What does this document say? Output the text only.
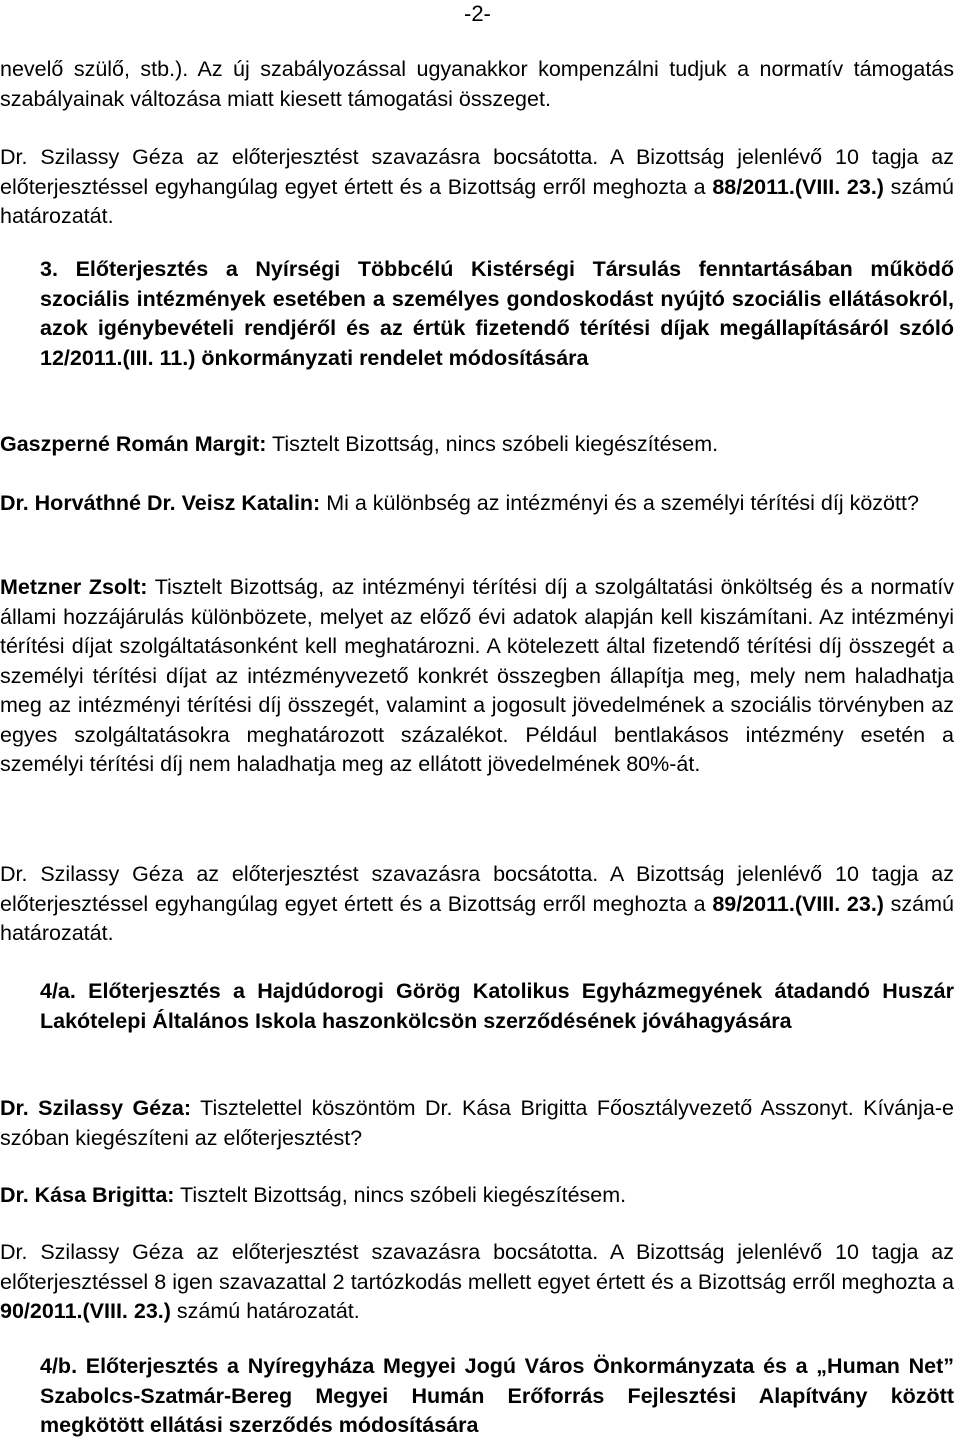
-2-
nevelő szülő, stb.). Az új szabályozással ugyanakkor kompenzálni tudjuk a normatív támogatás szabályainak változása miatt kiesett támogatási összeget.
Dr. Szilassy Géza az előterjesztést szavazásra bocsátotta. A Bizottság jelenlévő 10 tagja az előterjesztéssel egyhangúlag egyet értett és a Bizottság erről meghozta a 88/2011.(VIII. 23.) számú határozatát.
3. Előterjesztés a Nyírségi Többcélú Kistérségi Társulás fenntartásában működő szociális intézmények esetében a személyes gondoskodást nyújtó szociális ellátásokról, azok igénybevételi rendjéről és az értük fizetendő térítési díjak megállapításáról szóló 12/2011.(III. 11.) önkormányzati rendelet módosítására
Gaszperné Román Margit: Tisztelt Bizottság, nincs szóbeli kiegészítésem.
Dr. Horváthné Dr. Veisz Katalin: Mi a különbség az intézményi és a személyi térítési díj között?
Metzner Zsolt: Tisztelt Bizottság, az intézményi térítési díj a szolgáltatási önköltség és a normatív állami hozzájárulás különbözete, melyet az előző évi adatok alapján kell kiszámítani. Az intézményi térítési díjat szolgáltatásonként kell meghatározni. A kötelezett által fizetendő térítési díj összegét a személyi térítési díjat az intézményvezető konkrét összegben állapítja meg, mely nem haladhatja meg az intézményi térítési díj összegét, valamint a jogosult jövedelmének a szociális törvényben az egyes szolgáltatásokra meghatározott százalékot. Például bentlakásos intézmény esetén a személyi térítési díj nem haladhatja meg az ellátott jövedelmének 80%-át.
Dr. Szilassy Géza az előterjesztést szavazásra bocsátotta. A Bizottság jelenlévő 10 tagja az előterjesztéssel egyhangúlag egyet értett és a Bizottság erről meghozta a 89/2011.(VIII. 23.) számú határozatát.
4/a. Előterjesztés a Hajdúdorogi Görög Katolikus Egyházmegyének átadandó Huszár Lakótelepi Általános Iskola haszonkölcsön szerződésének jóváhagyására
Dr. Szilassy Géza: Tisztelettel köszöntöm Dr. Kása Brigitta Főosztályvezető Asszonyt. Kívánja-e szóban kiegészíteni az előterjesztést?
Dr. Kása Brigitta: Tisztelt Bizottság, nincs szóbeli kiegészítésem.
Dr. Szilassy Géza az előterjesztést szavazásra bocsátotta. A Bizottság jelenlévő 10 tagja az előterjesztéssel 8 igen szavazattal 2 tartózkodás mellett egyet értett és a Bizottság erről meghozta a 90/2011.(VIII. 23.) számú határozatát.
4/b. Előterjesztés a Nyíregyháza Megyei Jogú Város Önkormányzata és a „Human Net” Szabolcs-Szatmár-Bereg Megyei Humán Erőforrás Fejlesztési Alapítvány között megkötött ellátási szerződés módosítására
